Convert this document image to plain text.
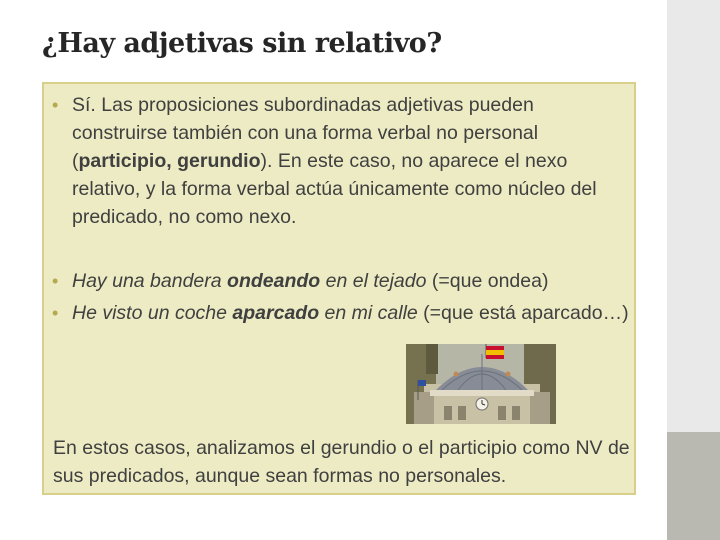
¿Hay adjetivas sin relativo?
• Sí. Las proposiciones subordinadas adjetivas pueden construirse también con una forma verbal no personal (participio, gerundio). En este caso, no aparece el nexo relativo, y la forma verbal actúa únicamente como núcleo del predicado, no como nexo.
• Hay una bandera ondeando en el tejado (=que ondea)
• He visto un coche aparcado en mi calle (=que está aparcado…)
En estos casos, analizamos el gerundio o el participio como NV de sus predicados, aunque sean formas no personales.
